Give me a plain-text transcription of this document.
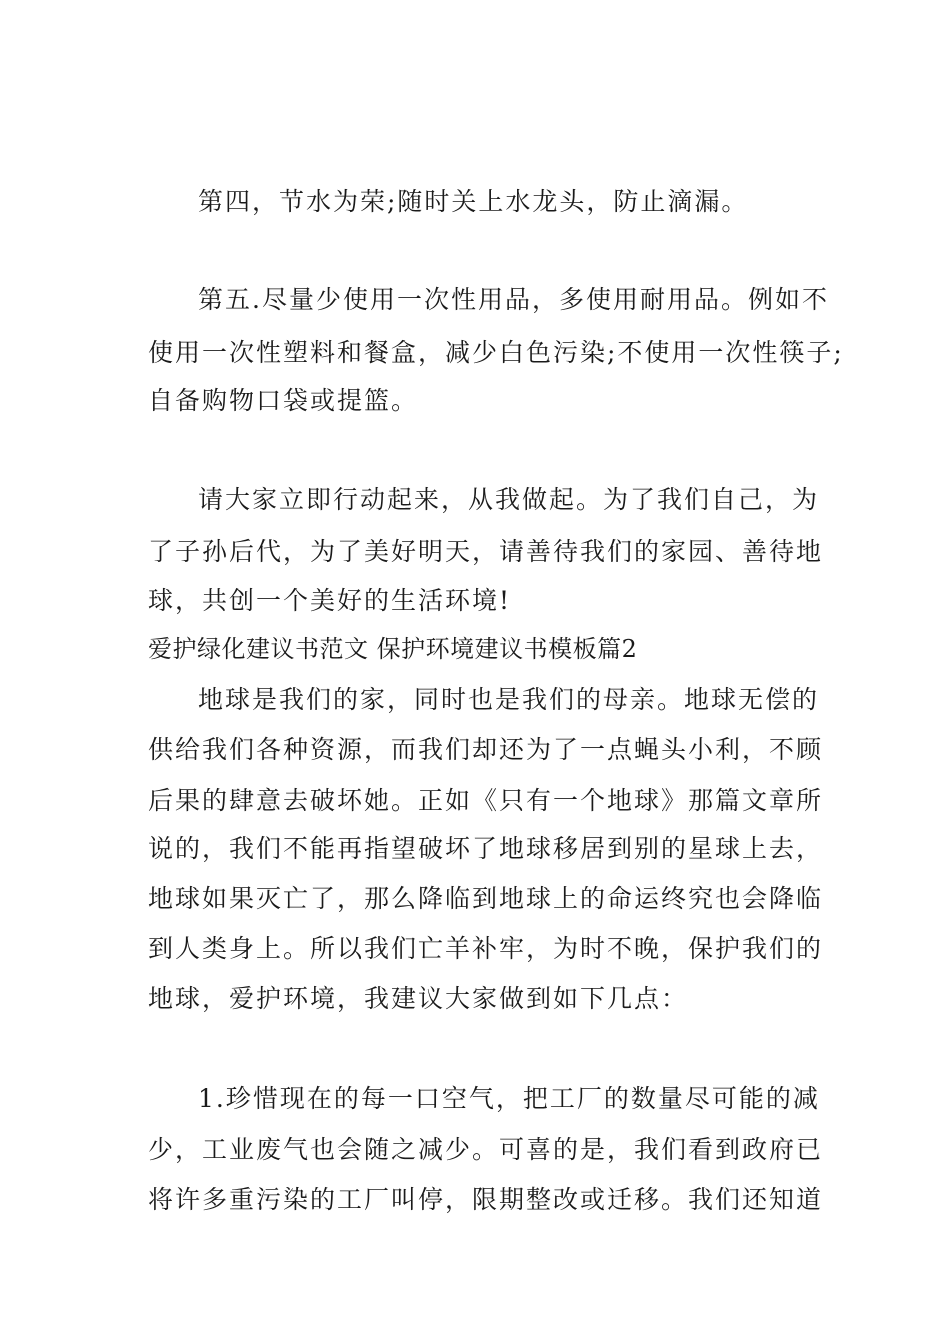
第四，节水为荣;随时关上水龙头，防止滴漏。
第五.尽量少使用一次性用品，多使用耐用品。例如不
使用一次性塑料和餐盒，减少白色污染;不使用一次性筷子;
自备购物口袋或提篮。
请大家立即行动起来，从我做起。为了我们自己，为
了子孙后代，为了美好明天，请善待我们的家园、善待地
球，共创一个美好的生活环境!
爱护绿化建议书范文 保护环境建议书模板篇2
地球是我们的家，同时也是我们的母亲。地球无偿的
供给我们各种资源，而我们却还为了一点蝇头小利，不顾
后果的肆意去破坏她。正如《只有一个地球》那篇文章所
说的，我们不能再指望破坏了地球移居到别的星球上去，
地球如果灭亡了，那么降临到地球上的命运终究也会降临
到人类身上。所以我们亡羊补牢，为时不晚，保护我们的
地球，爱护环境，我建议大家做到如下几点：
1.珍惜现在的每一口空气，把工厂的数量尽可能的减
少，工业废气也会随之减少。可喜的是，我们看到政府已
将许多重污染的工厂叫停，限期整改或迁移。我们还知道
